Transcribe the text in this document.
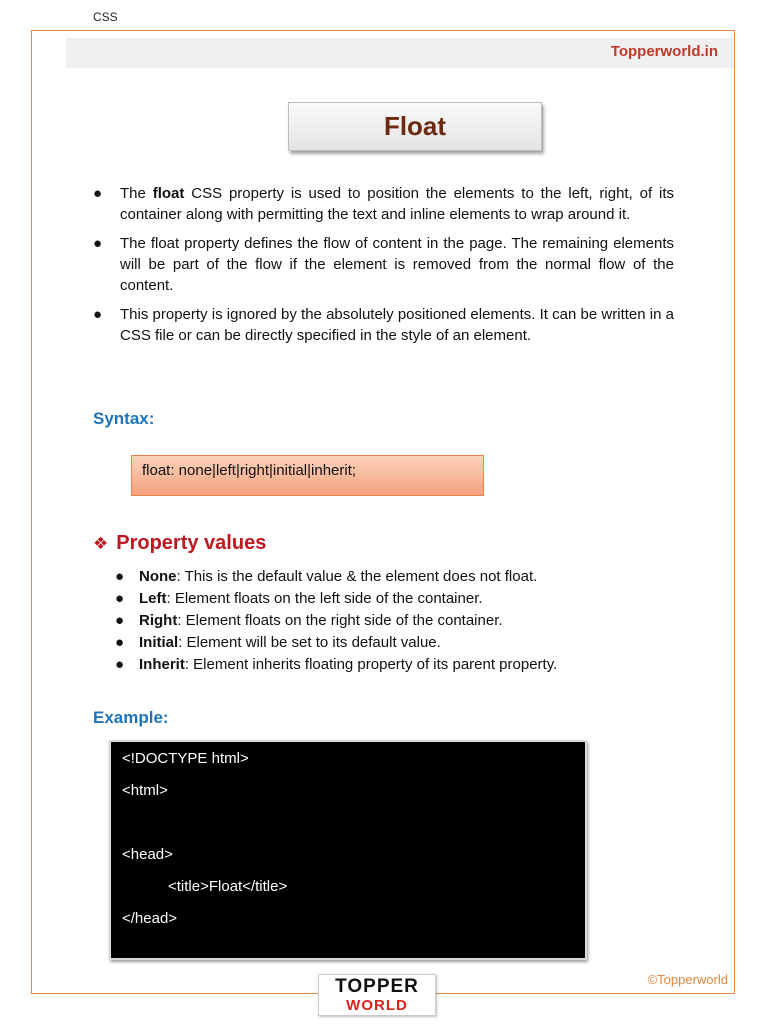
CSS
Topperworld.in
Float
● The float CSS property is used to position the elements to the left, right, of its container along with permitting the text and inline elements to wrap around it.
● The float property defines the flow of content in the page. The remaining elements will be part of the flow if the element is removed from the normal flow of the content.
● This property is ignored by the absolutely positioned elements. It can be written in a CSS file or can be directly specified in the style of an element.
Syntax:
float: none|left|right|initial|inherit;
❖ Property values
● None: This is the default value & the element does not float.
● Left: Element floats on the left side of the container.
● Right: Element floats on the right side of the container.
● Initial: Element will be set to its default value.
● Inherit: Element inherits floating property of its parent property.
Example:
<!DOCTYPE html>
<html>
<head>
<title>Float</title>
</head>
©Topperworld
TOPPER
WORLD
